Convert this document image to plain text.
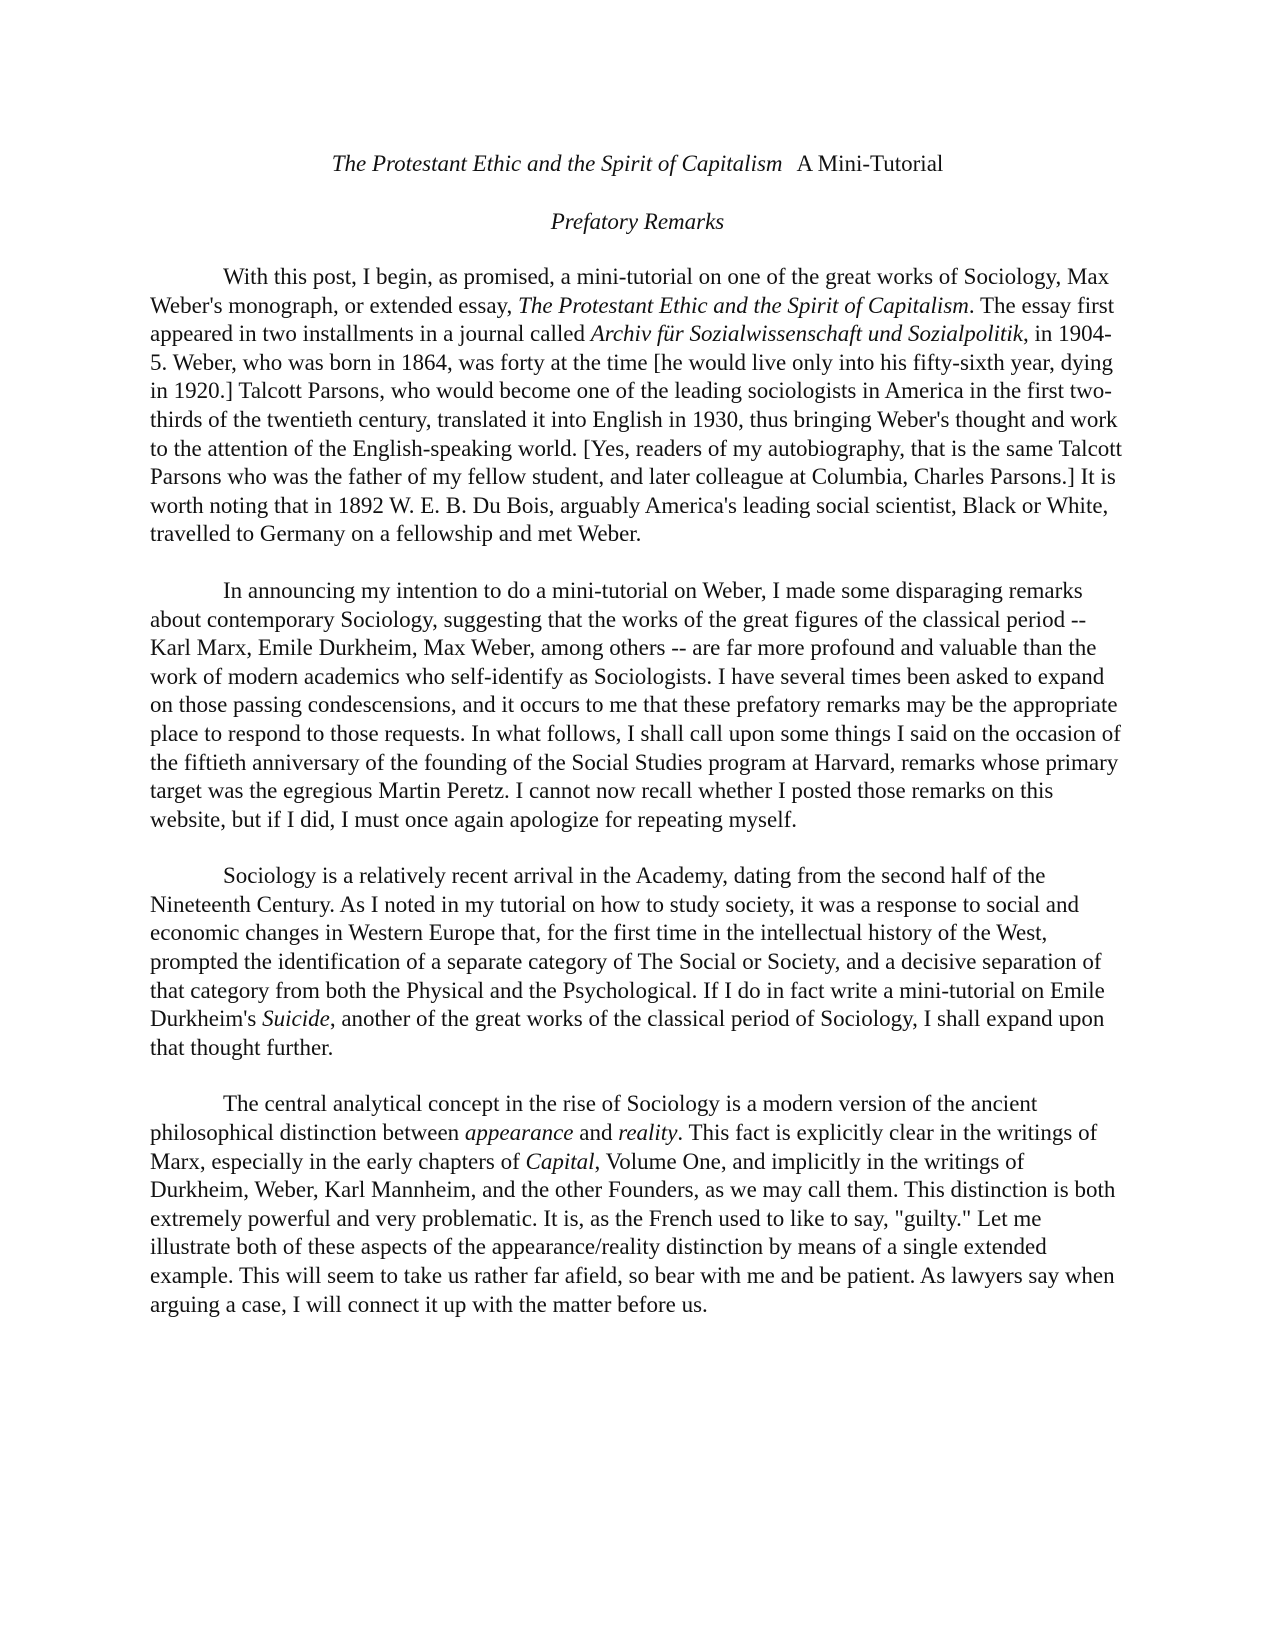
The Protestant Ethic and the Spirit of Capitalism A Mini-Tutorial
Prefatory Remarks
With this post, I begin, as promised, a mini-tutorial on one of the great works of Sociology, Max Weber's monograph, or extended essay, The Protestant Ethic and the Spirit of Capitalism. The essay first appeared in two installments in a journal called Archiv für Sozialwissenschaft und Sozialpolitik, in 1904-5. Weber, who was born in 1864, was forty at the time [he would live only into his fifty-sixth year, dying in 1920.] Talcott Parsons, who would become one of the leading sociologists in America in the first two-thirds of the twentieth century, translated it into English in 1930, thus bringing Weber's thought and work to the attention of the English-speaking world. [Yes, readers of my autobiography, that is the same Talcott Parsons who was the father of my fellow student, and later colleague at Columbia, Charles Parsons.] It is worth noting that in 1892 W. E. B. Du Bois, arguably America's leading social scientist, Black or White, travelled to Germany on a fellowship and met Weber.
In announcing my intention to do a mini-tutorial on Weber, I made some disparaging remarks about contemporary Sociology, suggesting that the works of the great figures of the classical period -- Karl Marx, Emile Durkheim, Max Weber, among others -- are far more profound and valuable than the work of modern academics who self-identify as Sociologists. I have several times been asked to expand on those passing condescensions, and it occurs to me that these prefatory remarks may be the appropriate place to respond to those requests. In what follows, I shall call upon some things I said on the occasion of the fiftieth anniversary of the founding of the Social Studies program at Harvard, remarks whose primary target was the egregious Martin Peretz. I cannot now recall whether I posted those remarks on this website, but if I did, I must once again apologize for repeating myself.
Sociology is a relatively recent arrival in the Academy, dating from the second half of the Nineteenth Century. As I noted in my tutorial on how to study society, it was a response to social and economic changes in Western Europe that, for the first time in the intellectual history of the West, prompted the identification of a separate category of The Social or Society, and a decisive separation of that category from both the Physical and the Psychological. If I do in fact write a mini-tutorial on Emile Durkheim's Suicide, another of the great works of the classical period of Sociology, I shall expand upon that thought further.
The central analytical concept in the rise of Sociology is a modern version of the ancient philosophical distinction between appearance and reality. This fact is explicitly clear in the writings of Marx, especially in the early chapters of Capital, Volume One, and implicitly in the writings of Durkheim, Weber, Karl Mannheim, and the other Founders, as we may call them. This distinction is both extremely powerful and very problematic. It is, as the French used to like to say, "guilty." Let me illustrate both of these aspects of the appearance/reality distinction by means of a single extended example. This will seem to take us rather far afield, so bear with me and be patient. As lawyers say when arguing a case, I will connect it up with the matter before us.
